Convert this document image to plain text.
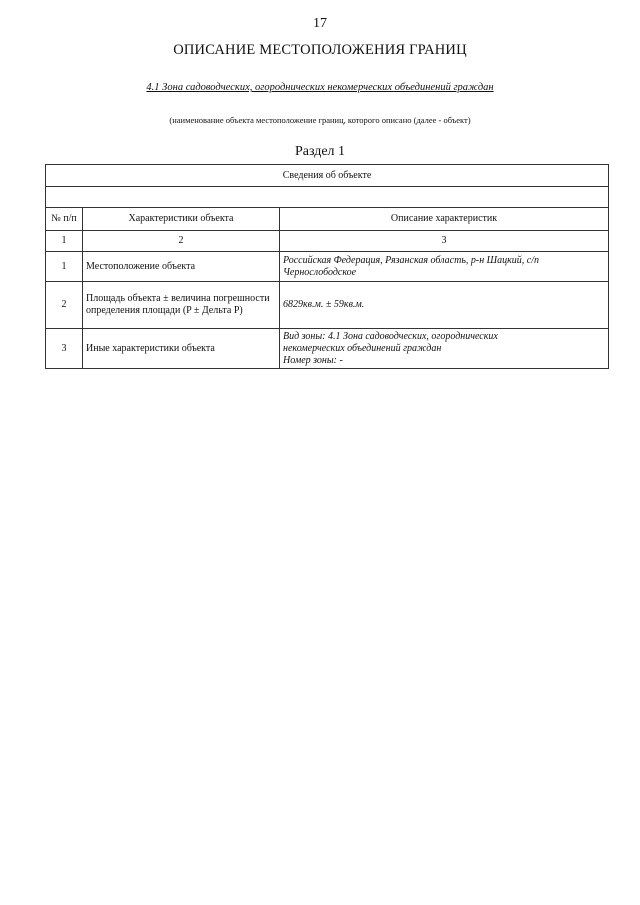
17
ОПИСАНИЕ МЕСТОПОЛОЖЕНИЯ ГРАНИЦ
4.1 Зона садоводческих, огороднических некомерческих объединений граждан
(наименование объекта местоположение границ, которого описано (далее - объект)
Раздел 1
Сведения об объекте		

№ п/п	Характеристики объекта	Описание характеристик
1	2	3
1	Местоположение объекта	Российская Федерация, Рязанская область, р-н Шацкий, с/п Чернослободское

2	Площадь объекта ± величина погрешности определения площади (P ± Дельта P)	6829кв.м. ± 59кв.м.

3	Иные характеристики объекта	Вид зоны: 4.1 Зона садоводческих, огороднических
некомерческих объединений граждан
Номер зоны: -
